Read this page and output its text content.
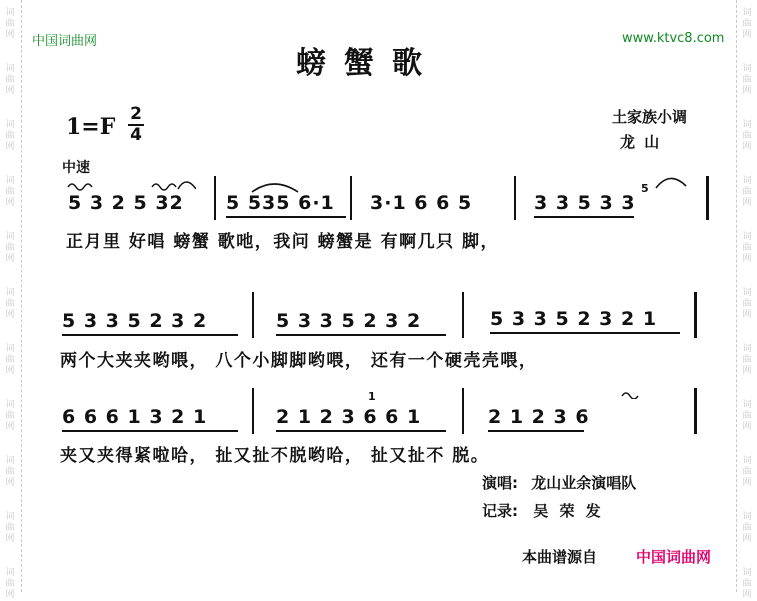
词
曲
网
词
曲
网
词
曲
网
词
曲
网
词
曲
网
词
曲
网
词
曲
网
词
曲
网
词
曲
网
词
曲
网
词
曲
网
词
曲
网
词
曲
网
词
曲
网
词
曲
网
词
曲
网
词
曲
网
词
曲
网
词
曲
网
词
曲
网
词
曲
网
词
曲
网
中国词曲网	www.ktvc8.com
螃蟹歌
1=F 2
4
土家族小调
龙 山
中速
5 3 2 5 32 5 535 6·1 3·1 6 6 5
5
3 3 5 3 3
正月里 好唱 螃蟹 歌吔，我问 螃蟹是 有啊几只 脚，
5 3 3 5 2 3 2	5 3 3 5 2 3 2	5 3 3 5 2 3 2 1
两个大夹夹哟喂， 八个小脚脚哟喂， 还有一个硬壳壳喂，
6 6 6 1 3 2 1
1
2 1 2 3 6 6 1	2 1 2 3 6
夹又夹得紧啦哈， 扯又扯不脱哟哈， 扯又扯不 脱。
演唱: 龙山业余演唱队
记录: 吴 荣 发
本曲谱源自	中国词曲网
